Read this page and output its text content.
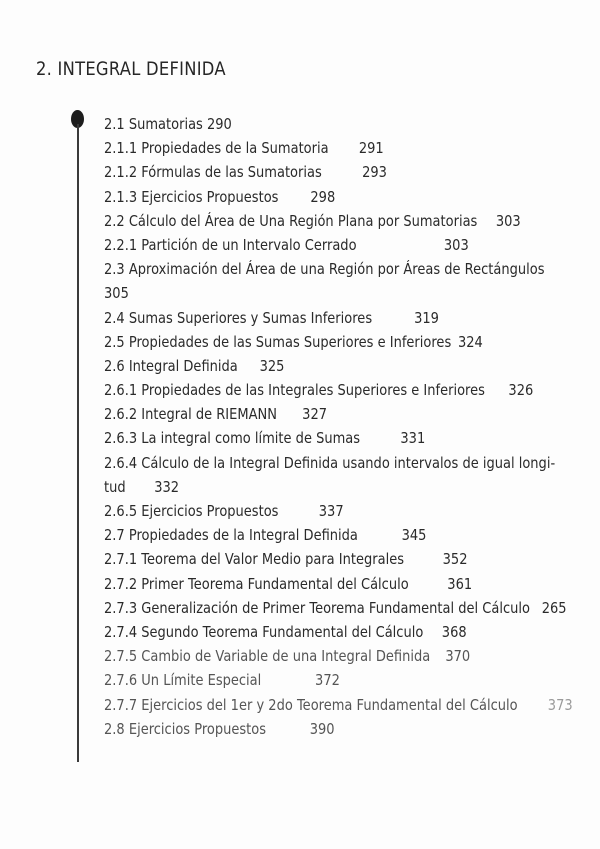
2. INTEGRAL DEFINIDA
2.1 Sumatorias 290
2.1.1 Propiedades de la Sumatoria 291
2.1.2 Fórmulas de las Sumatorias	293
2.1.3 Ejercicios Propuestos 298
2.2 Cálculo del Área de Una Región Plana por Sumatorias 303
2.2.1 Partición de un Intervalo Cerrado	303
2.3 Aproximación del Área de una Región por Áreas de Rectángulos
305
2.4 Sumas Superiores y Sumas Inferiores	319
2.5 Propiedades de las Sumas Superiores e Inferiores 324
2.6 Integral Definida 325
2.6.1 Propiedades de las Integrales Superiores e Inferiores 326
2.6.2 Integral de RIEMANN 327
2.6.3 La integral como límite de Sumas	331
2.6.4 Cálculo de la Integral Definida usando intervalos de igual longi-
tud 332
2.6.5 Ejercicios Propuestos	337
2.7 Propiedades de la Integral Definida	345
2.7.1 Teorema del Valor Medio para Integrales 352
2.7.2 Primer Teorema Fundamental del Cálculo 361
2.7.3 Generalización de Primer Teorema Fundamental del Cálculo 265
2.7.4 Segundo Teorema Fundamental del Cálculo 368
2.7.5 Cambio de Variable de una Integral Definida 370
2.7.6 Un Límite Especial	372
2.7.7 Ejercicios del 1er y 2do Teorema Fundamental del Cálculo 373
2.8 Ejercicios Propuestos	390
